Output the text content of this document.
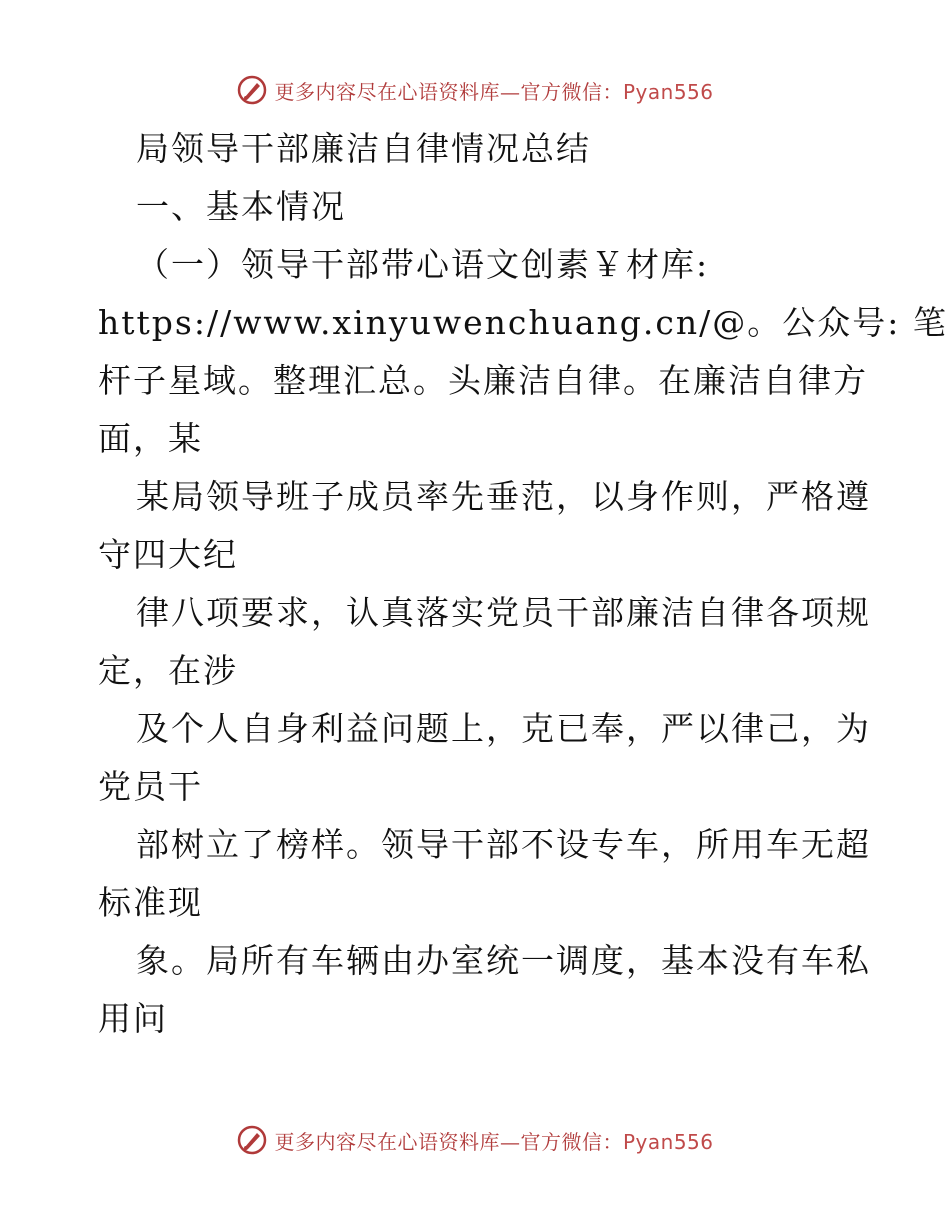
更多内容尽在心语资料库—官方微信：Pyan556
局领导干部廉洁自律情况总结
一、基本情况
（一）领导干部带心语文创素￥材库:
https://www.xinyuwenchuang.cn/@。公众号: 笔
杆子星域。整理汇总。头廉洁自律。在廉洁自律方
面，某
某局领导班子成员率先垂范，以身作则，严格遵
守四大纪
律八项要求，认真落实党员干部廉洁自律各项规
定，在涉
及个人自身利益问题上，克已奉，严以律己，为
党员干
部树立了榜样。领导干部不设专车，所用车无超
标准现
象。局所有车辆由办室统一调度，基本没有车私
用问
更多内容尽在心语资料库—官方微信：Pyan556
